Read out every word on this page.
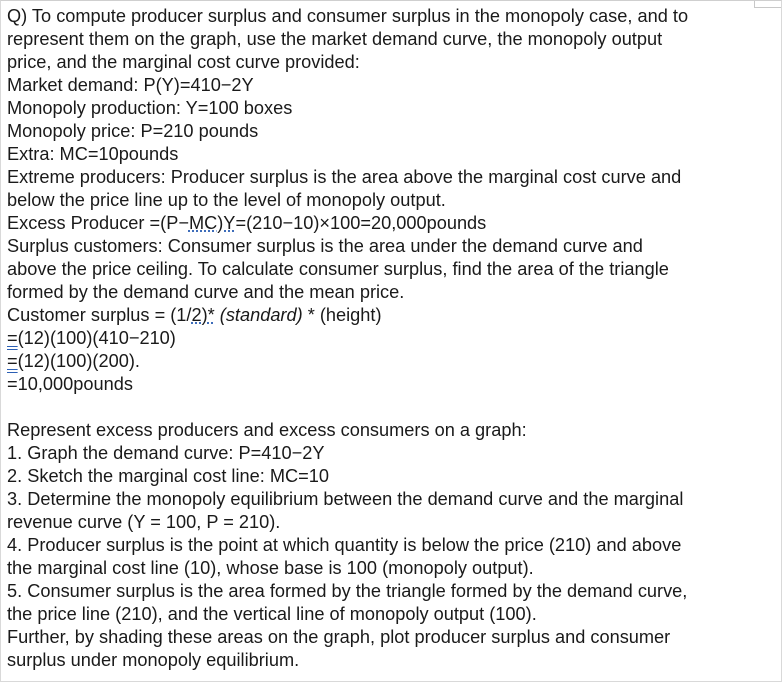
Q) To compute producer surplus and consumer surplus in the monopoly case, and to
represent them on the graph, use the market demand curve, the monopoly output
price, and the marginal cost curve provided:
Market demand: P(Y)=410−2Y
Monopoly production: Y=100 boxes
Monopoly price: P=210 pounds
Extra: MC=10pounds
Extreme producers: Producer surplus is the area above the marginal cost curve and
below the price line up to the level of monopoly output.
Excess Producer =(P−MC)Y=(210−10)×100=20,000pounds
Surplus customers: Consumer surplus is the area under the demand curve and
above the price ceiling. To calculate consumer surplus, find the area of the triangle
formed by the demand curve and the mean price.
Customer surplus = (1/2)* (standard) * (height)
=(12)(100)(410−210)
=(12)(100)(200).
=10,000pounds
Represent excess producers and excess consumers on a graph:
1. Graph the demand curve: P=410−2Y
2. Sketch the marginal cost line: MC=10
3. Determine the monopoly equilibrium between the demand curve and the marginal
revenue curve (Y = 100, P = 210).
4. Producer surplus is the point at which quantity is below the price (210) and above
the marginal cost line (10), whose base is 100 (monopoly output).
5. Consumer surplus is the area formed by the triangle formed by the demand curve,
the price line (210), and the vertical line of monopoly output (100).
Further, by shading these areas on the graph, plot producer surplus and consumer
surplus under monopoly equilibrium.
